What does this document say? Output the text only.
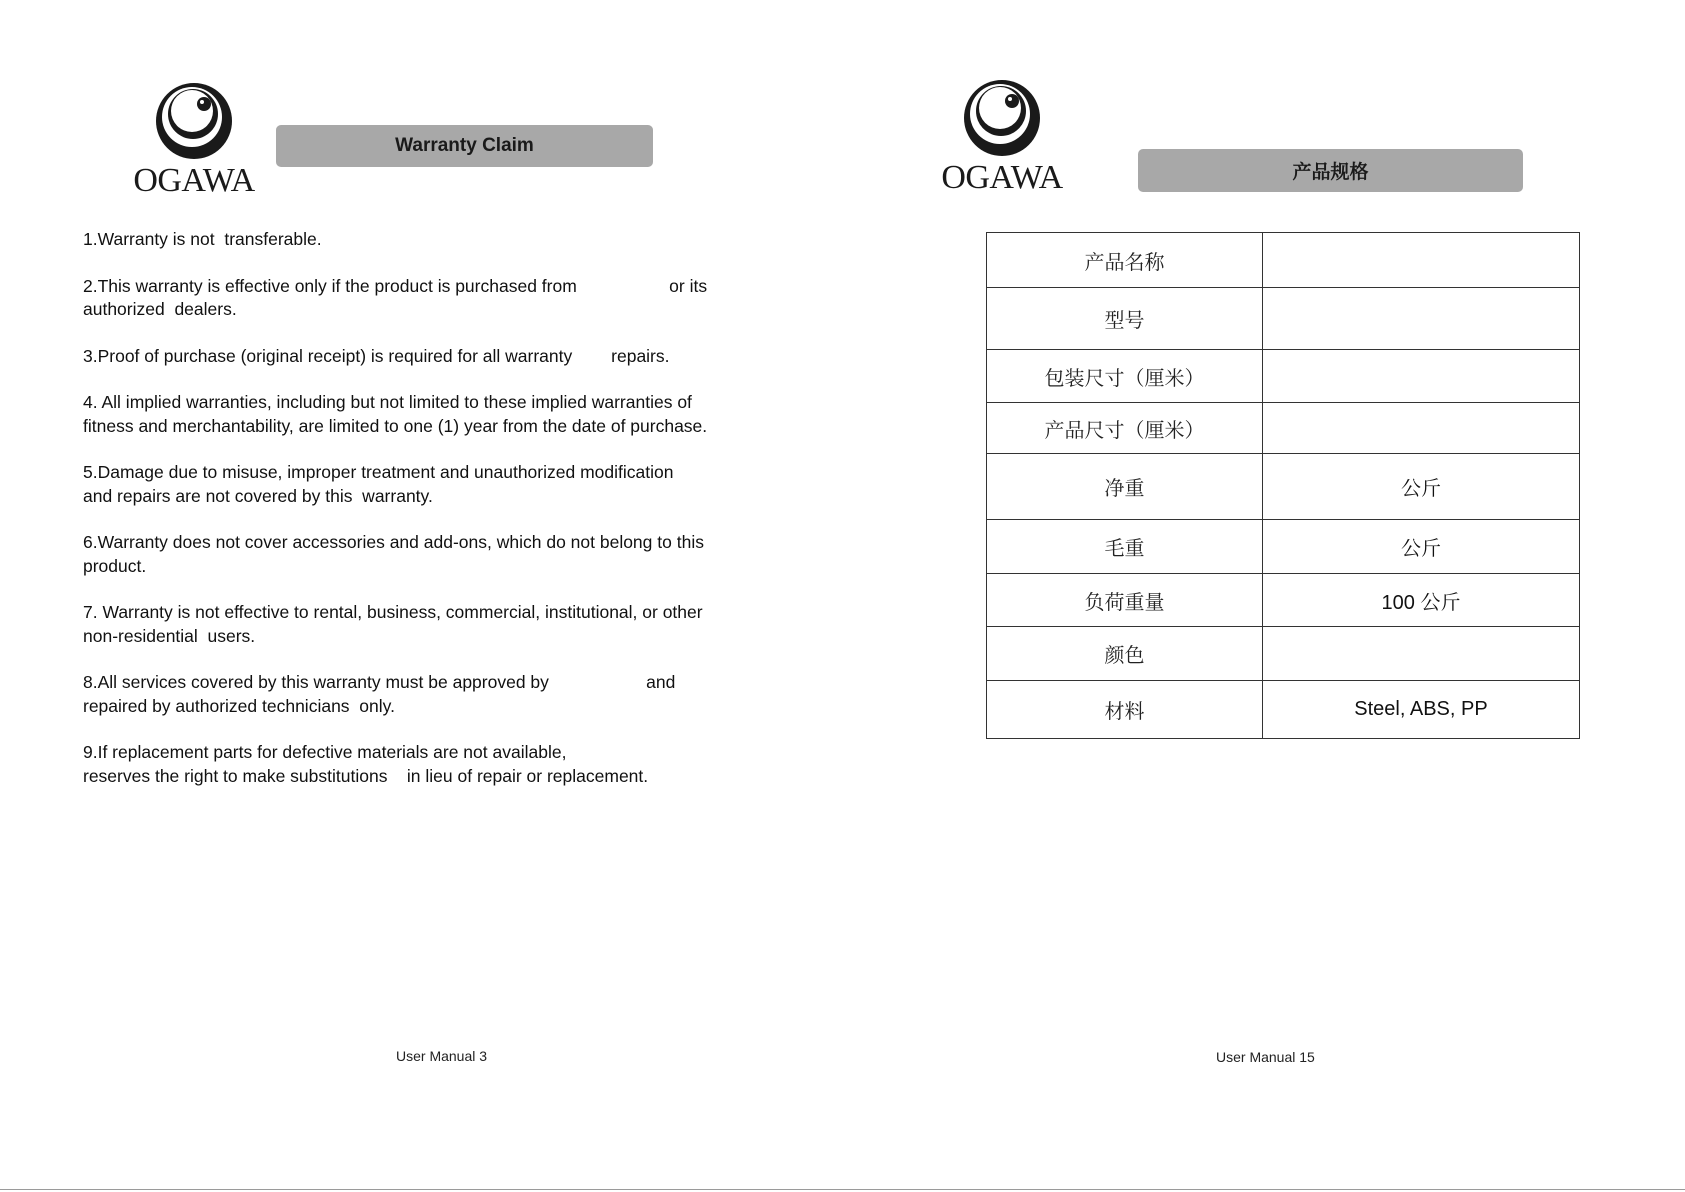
OGAWA
Warranty Claim
1.Warranty is not  transferable.
2.This warranty is effective only if the product is purchased from                   or its
authorized  dealers.
3.Proof of purchase (original receipt) is required for all warranty        repairs.
4. All implied warranties, including but not limited to these implied warranties of
fitness and merchantability, are limited to one (1) year from the date of purchase.
5.Damage due to misuse, improper treatment and unauthorized modification
and repairs are not covered by this  warranty.
6.Warranty does not cover accessories and add-ons, which do not belong to this
product.
7. Warranty is not effective to rental, business, commercial, institutional, or other
non-residential  users.
8.All services covered by this warranty must be approved by                    and
repaired by authorized technicians  only.
9.If replacement parts for defective materials are not available,
reserves the right to make substitutions    in lieu of repair or replacement.
User Manual 3
OGAWA	产品规格
产品名称	
型号	
包装尺寸（厘米）	
产品尺寸（厘米）	
净重	公斤
毛重	公斤
负荷重量	100 公斤
颜色	
材料	Steel, ABS, PP
User Manual 15
